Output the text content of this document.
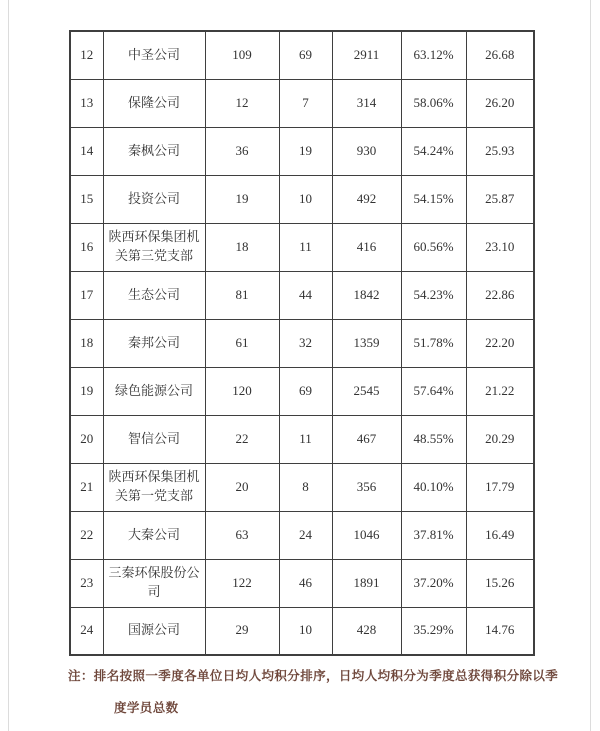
12	中圣公司	109	69	2911	63.12%	26.68
13	保隆公司	12	7	314	58.06%	26.20
14	秦枫公司	36	19	930	54.24%	25.93
15	投资公司	19	10	492	54.15%	25.87
16	陕西环保集团机关第三党支部	18	11	416	60.56%	23.10
17	生态公司	81	44	1842	54.23%	22.86
18	秦邦公司	61	32	1359	51.78%	22.20
19	绿色能源公司	120	69	2545	57.64%	21.22
20	智信公司	22	11	467	48.55%	20.29
21	陕西环保集团机关第一党支部	20	8	356	40.10%	17.79
22	大秦公司	63	24	1046	37.81%	16.49
23	三秦环保股份公司	122	46	1891	37.20%	15.26
24	国源公司	29	10	428	35.29%	14.76
注：排名按照一季度各单位日均人均积分排序，日均人均积分为季度总获得积分除以季
度学员总数
